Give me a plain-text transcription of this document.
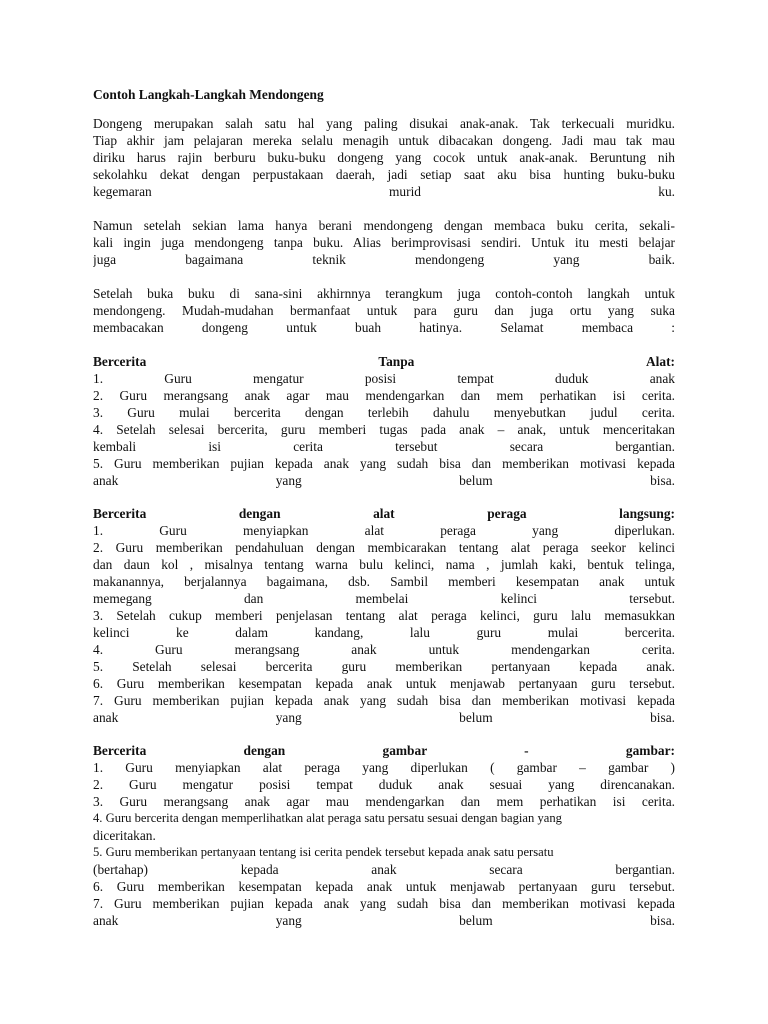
Contoh Langkah-Langkah Mendongeng
Dongeng merupakan salah satu hal yang paling disukai anak-anak. Tak terkecuali muridku.
Tiap akhir jam pelajaran mereka selalu menagih untuk dibacakan dongeng. Jadi mau tak mau
diriku harus rajin berburu buku-buku dongeng yang cocok untuk anak-anak. Beruntung nih
sekolahku dekat dengan perpustakaan daerah, jadi setiap saat aku bisa hunting buku-buku
kegemaran murid ku.
Namun setelah sekian lama hanya berani mendongeng dengan membaca buku cerita, sekali-
kali ingin juga mendongeng tanpa buku. Alias berimprovisasi sendiri. Untuk itu mesti belajar
juga bagaimana teknik mendongeng yang baik.
Setelah buka buku di sana-sini akhirnnya terangkum juga contoh-contoh langkah untuk
mendongeng. Mudah-mudahan bermanfaat untuk para guru dan juga ortu yang suka
membacakan dongeng untuk buah hatinya. Selamat membaca :
Bercerita Tanpa Alat:
1. Guru mengatur posisi tempat duduk anak
2. Guru merangsang anak agar mau mendengarkan dan mem perhatikan isi cerita.
3. Guru mulai bercerita dengan terlebih dahulu menyebutkan judul cerita.
4. Setelah selesai bercerita, guru memberi tugas pada anak – anak, untuk menceritakan
kembali isi cerita tersebut secara bergantian.
5. Guru memberikan pujian kepada anak yang sudah bisa dan memberikan motivasi kepada
anak yang belum bisa.
Bercerita dengan alat peraga langsung:
1. Guru menyiapkan alat peraga yang diperlukan.
2. Guru memberikan pendahuluan dengan membicarakan tentang alat peraga seekor kelinci
dan daun kol , misalnya tentang warna bulu kelinci, nama , jumlah kaki, bentuk telinga,
makanannya, berjalannya bagaimana, dsb. Sambil memberi kesempatan anak untuk
memegang dan membelai kelinci tersebut.
3. Setelah cukup memberi penjelasan tentang alat peraga kelinci, guru lalu memasukkan
kelinci ke dalam kandang, lalu guru mulai bercerita.
4. Guru merangsang anak untuk mendengarkan cerita.
5. Setelah selesai bercerita guru memberikan pertanyaan kepada anak.
6. Guru memberikan kesempatan kepada anak untuk menjawab pertanyaan guru tersebut.
7. Guru memberikan pujian kepada anak yang sudah bisa dan memberikan motivasi kepada
anak yang belum bisa.
Bercerita dengan gambar - gambar:
1. Guru menyiapkan alat peraga yang diperlukan ( gambar – gambar )
2. Guru mengatur posisi tempat duduk anak sesuai yang direncanakan.
3. Guru merangsang anak agar mau mendengarkan dan mem perhatikan isi cerita.
4. Guru bercerita dengan memperlihatkan alat peraga satu persatu sesuai dengan bagian yang
diceritakan.
5. Guru memberikan pertanyaan tentang isi cerita pendek tersebut kepada anak satu persatu
(bertahap) kepada anak secara bergantian.
6. Guru memberikan kesempatan kepada anak untuk menjawab pertanyaan guru tersebut.
7. Guru memberikan pujian kepada anak yang sudah bisa dan memberikan motivasi kepada
anak yang belum bisa.
